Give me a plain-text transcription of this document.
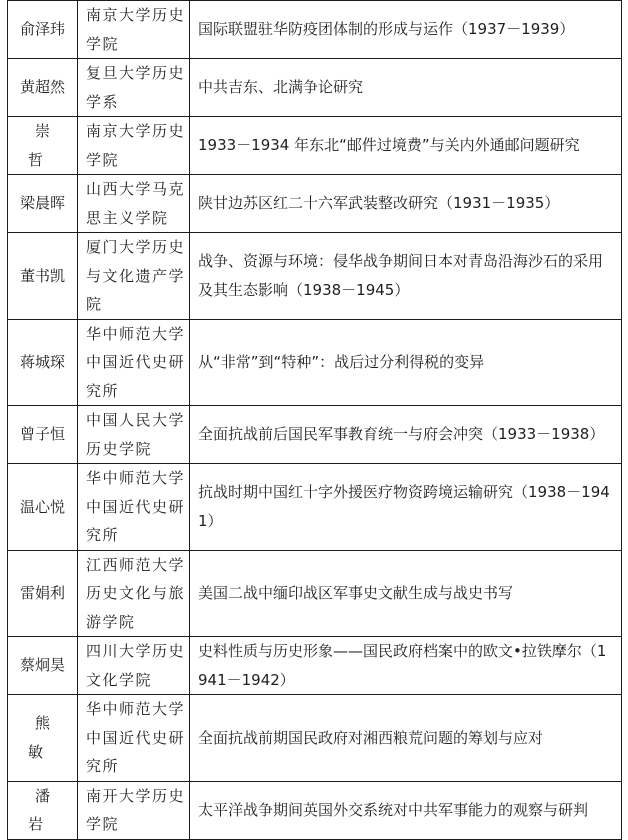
俞泽玮	南京大学历史学院	国际联盟驻华防疫团体制的形成与运作（1937－1939）
黄超然	复旦大学历史学系	中共吉东、北满争论研究
崇哲	南京大学历史学院	1933－1934 年东北“邮件过境费”与关内外通邮问题研究
梁晨晖	山西大学马克思主义学院	陕甘边苏区红二十六军武装整改研究（1931－1935）
董书凯	厦门大学历史与文化遗产学院	战争、资源与环境：侵华战争期间日本对青岛沿海沙石的采用及其生态影响（1938－1945）
蒋城琛	华中师范大学中国近代史研究所	从“非常”到“特种”：战后过分利得税的变异
曾子恒	中国人民大学历史学院	全面抗战前后国民军事教育统一与府会冲突（1933－1938）
温心悦	华中师范大学中国近代史研究所	抗战时期中国红十字外援医疗物资跨境运输研究（1938－1941）
雷娟利	江西师范大学历史文化与旅游学院	美国二战中缅印战区军事史文献生成与战史书写
蔡炯昊	四川大学历史文化学院	史料性质与历史形象——国民政府档案中的欧文•拉铁摩尔（1941－1942）
熊敏	华中师范大学中国近代史研究所	全面抗战前期国民政府对湘西粮荒问题的筹划与应对
潘岩	南开大学历史学院	太平洋战争期间英国外交系统对中共军事能力的观察与研判
